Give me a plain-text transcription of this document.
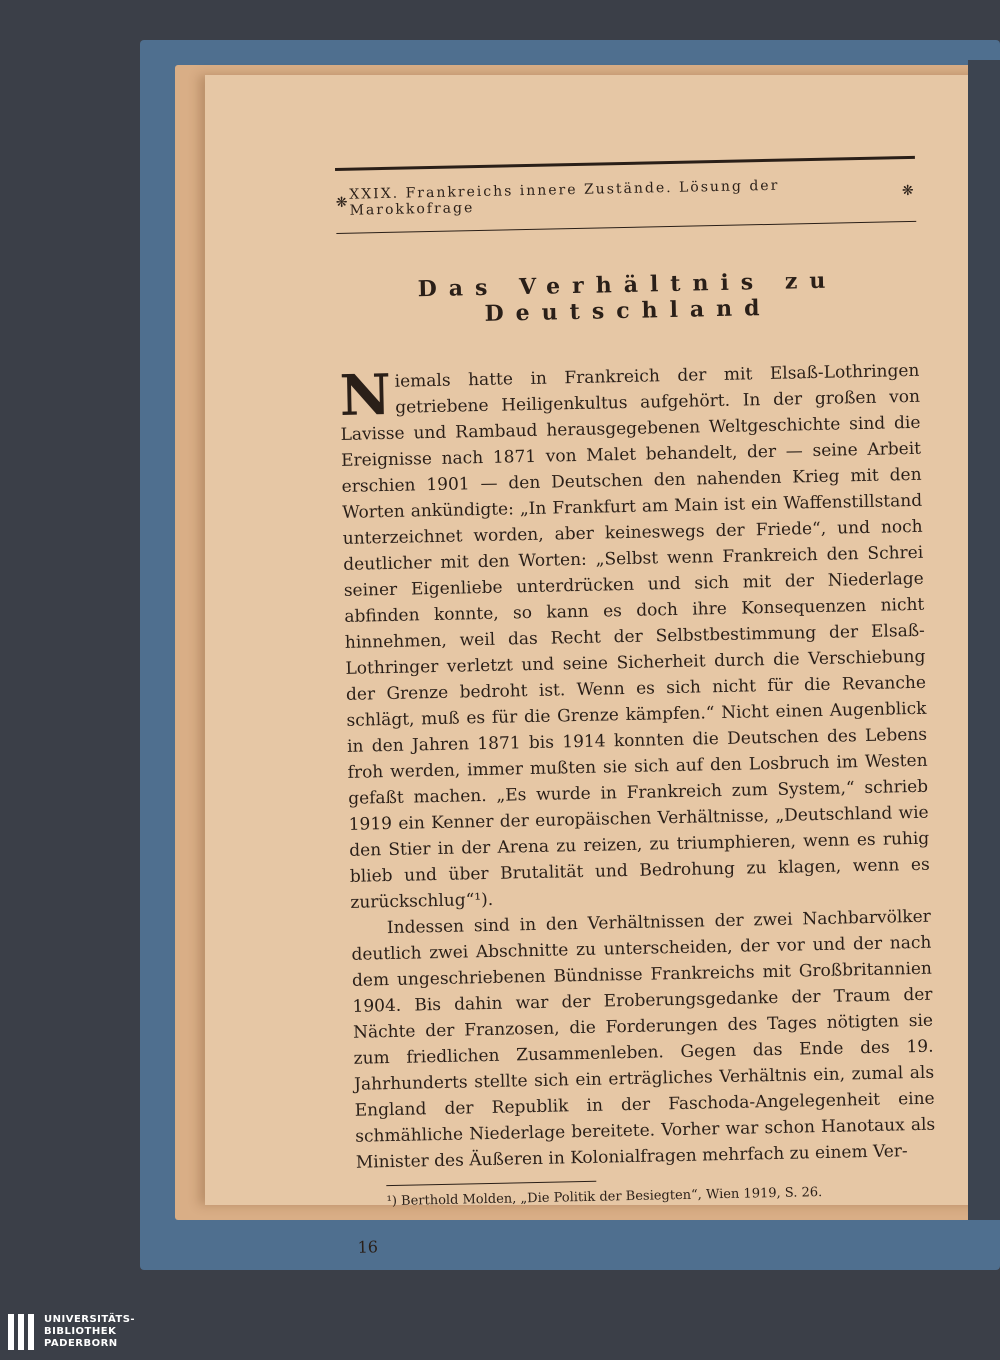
❋
XXIX. Frankreichs innere Zustände. Lösung der Marokkofrage
❋
Das Verhältnis zu Deutschland

Niemals hatte in Frankreich der mit Elsaß-Lothringen getriebene Heiligenkultus aufgehört. In der großen von Lavisse und Rambaud herausgegebenen Weltgeschichte sind die Ereignisse nach 1871 von Malet behandelt, der — seine Arbeit erschien 1901 — den Deutschen den nahenden Krieg mit den Worten ankündigte: „In Frankfurt am Main ist ein Waffenstillstand unterzeichnet worden, aber keineswegs der Friede“, und noch deutlicher mit den Worten: „Selbst wenn Frankreich den Schrei seiner Eigenliebe unterdrücken und sich mit der Niederlage abfinden konnte, so kann es doch ihre Konsequenzen nicht hinnehmen, weil das Recht der Selbstbestimmung der Elsaß-Lothringer verletzt und seine Sicherheit durch die Verschiebung der Grenze bedroht ist. Wenn es sich nicht für die Revanche schlägt, muß es für die Grenze kämpfen.“ Nicht einen Augenblick in den Jahren 1871 bis 1914 konnten die Deutschen des Lebens froh werden, immer mußten sie sich auf den Losbruch im Westen gefaßt machen. „Es wurde in Frankreich zum System,“ schrieb 1919 ein Kenner der europäischen Verhältnisse, „Deutschland wie den Stier in der Arena zu reizen, zu triumphieren, wenn es ruhig blieb und über Brutalität und Bedrohung zu klagen, wenn es zurückschlug“¹).

Indessen sind in den Verhältnissen der zwei Nachbarvölker deutlich zwei Abschnitte zu unterscheiden, der vor und der nach dem ungeschriebenen Bündnisse Frankreichs mit Großbritannien 1904. Bis dahin war der Eroberungsgedanke der Traum der Nächte der Franzosen, die Forderungen des Tages nötigten sie zum friedlichen Zusammenleben. Gegen das Ende des 19. Jahrhunderts stellte sich ein erträgliches Verhältnis ein, zumal als England der Republik in der Faschoda-Angelegenheit eine schmähliche Niederlage bereitete. Vorher war schon Hanotaux als Minister des Äußeren in Kolonialfragen mehrfach zu einem Ver-

¹) Berthold Molden, „Die Politik der Besiegten“, Wien 1919, S. 26.
16
UNIVERSITÄTS-
BIBLIOTHEK
PADERBORN
